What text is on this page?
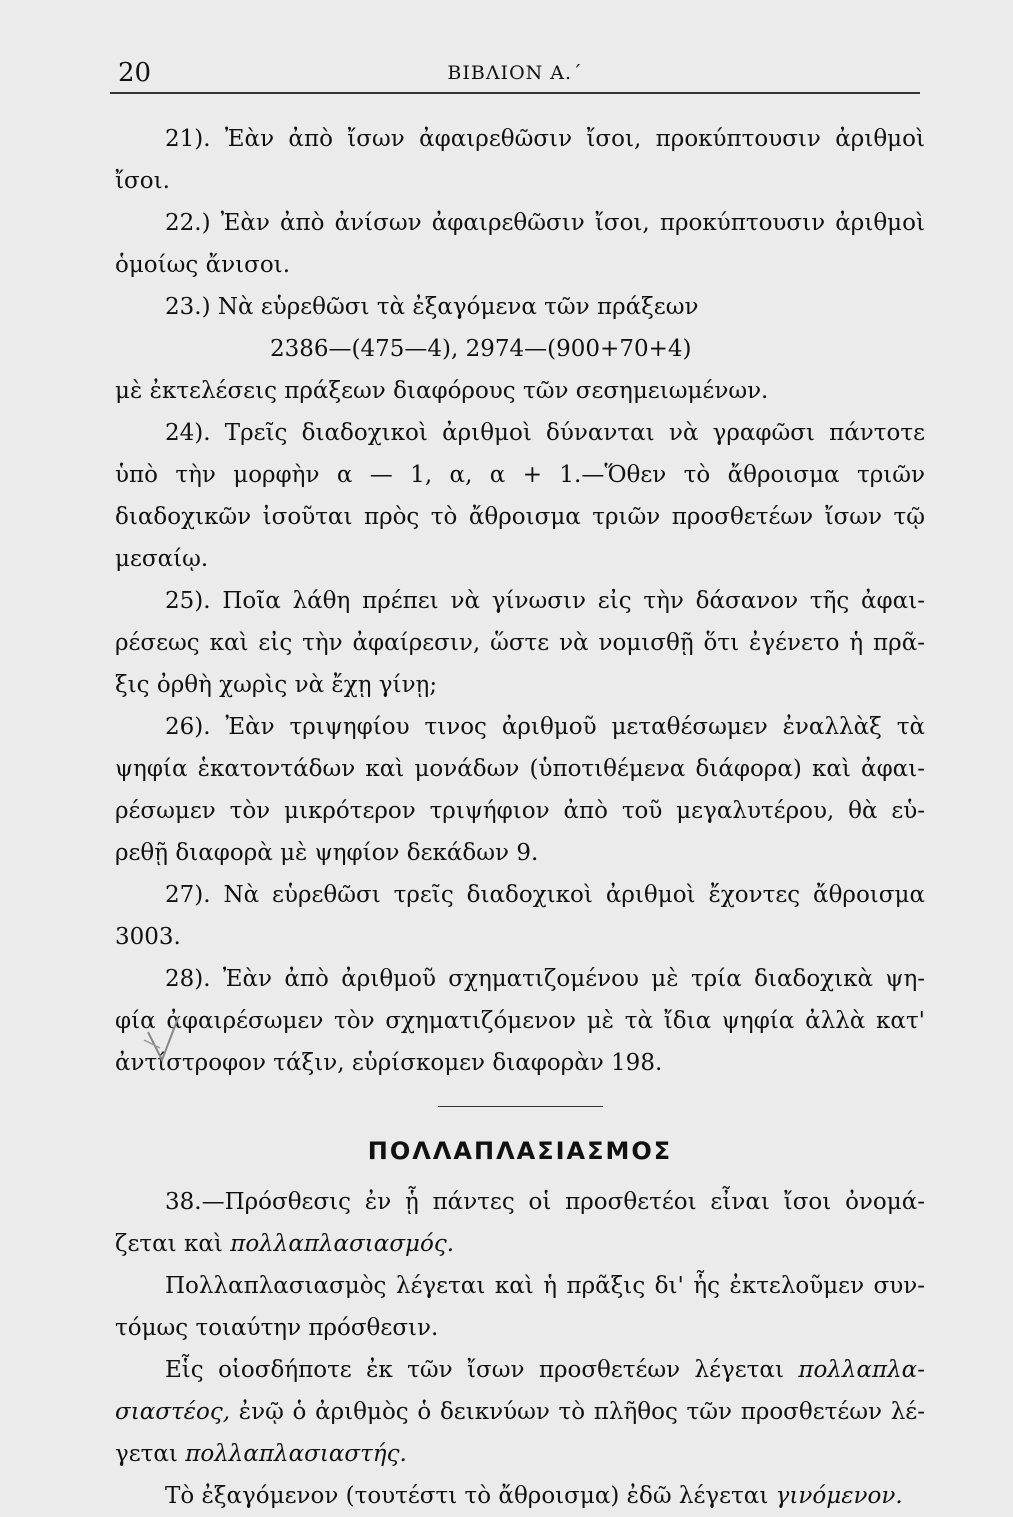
20	ΒΙΒΛΙΟΝ Α.΄
21). Ἐὰν ἀπὸ ἴσων ἀφαιρεθῶσιν ἴσοι, προκύπτουσιν ἀριθμοὶ
ἴσοι.
22.) Ἐὰν ἀπὸ ἀνίσων ἀφαιρεθῶσιν ἴσοι, προκύπτουσιν ἀριθμοὶ
ὁμοίως ἄνισοι.
23.) Νὰ εὑρεθῶσι τὰ ἐξαγόμενα τῶν πράξεων
2386—(475—4), 2974—(900+70+4)
μὲ ἐκτελέσεις πράξεων διαφόρους τῶν σεσημειωμένων.
24). Τρεῖς διαδοχικοὶ ἀριθμοὶ δύνανται νὰ γραφῶσι πάντοτε
ὑπὸ τὴν μορφὴν α — 1, α, α + 1.—Ὅθεν τὸ ἄθροισμα τριῶν
διαδοχικῶν ἰσοῦται πρὸς τὸ ἄθροισμα τριῶν προσθετέων ἴσων τῷ
μεσαίῳ.
25). Ποῖα λάθη πρέπει νὰ γίνωσιν εἰς τὴν δάσανον τῆς ἀφαι-
ρέσεως καὶ εἰς τὴν ἀφαίρεσιν, ὥστε νὰ νομισθῇ ὅτι ἐγένετο ἡ πρᾶ-
ξις ὀρθὴ χωρὶς νὰ ἔχῃ γίνῃ;
26). Ἐὰν τριψηφίου τινος ἀριθμοῦ μεταθέσωμεν ἐναλλὰξ τὰ
ψηφία ἑκατοντάδων καὶ μονάδων (ὑποτιθέμενα διάφορα) καὶ ἀφαι-
ρέσωμεν τὸν μικρότερον τριψήφιον ἀπὸ τοῦ μεγαλυτέρου, θὰ εὑ-
ρεθῇ διαφορὰ μὲ ψηφίον δεκάδων 9.
27). Νὰ εὑρεθῶσι τρεῖς διαδοχικοὶ ἀριθμοὶ ἔχοντες ἄθροισμα
3003.
28). Ἐὰν ἀπὸ ἀριθμοῦ σχηματιζομένου μὲ τρία διαδοχικὰ ψη-
φία ἀφαιρέσωμεν τὸν σχηματιζόμενον μὲ τὰ ἴδια ψηφία ἀλλὰ κατ'
ἀντίστροφον τάξιν, εὑρίσκομεν διαφορὰν 198.
ΠΟΛΛΑΠΛΑΣΙΑΣΜΟΣ
38.—Πρόσθεσις ἐν ᾗ πάντες οἱ προσθετέοι εἶναι ἴσοι ὀνομά-
ζεται καὶ πολλαπλασιασμός.
Πολλαπλασιασμὸς λέγεται καὶ ἡ πρᾶξις δι' ἧς ἐκτελοῦμεν συν-
τόμως τοιαύτην πρόσθεσιν.
Εἷς οἱοσδήποτε ἐκ τῶν ἴσων προσθετέων λέγεται πολλαπλα-
σιαστέος, ἐνῷ ὁ ἀριθμὸς ὁ δεικνύων τὸ πλῆθος τῶν προσθετέων λέ-
γεται πολλαπλασιαστής.
Τὸ ἐξαγόμενον (τουτέστι τὸ ἄθροισμα) ἐδῶ λέγεται γινόμενον.
